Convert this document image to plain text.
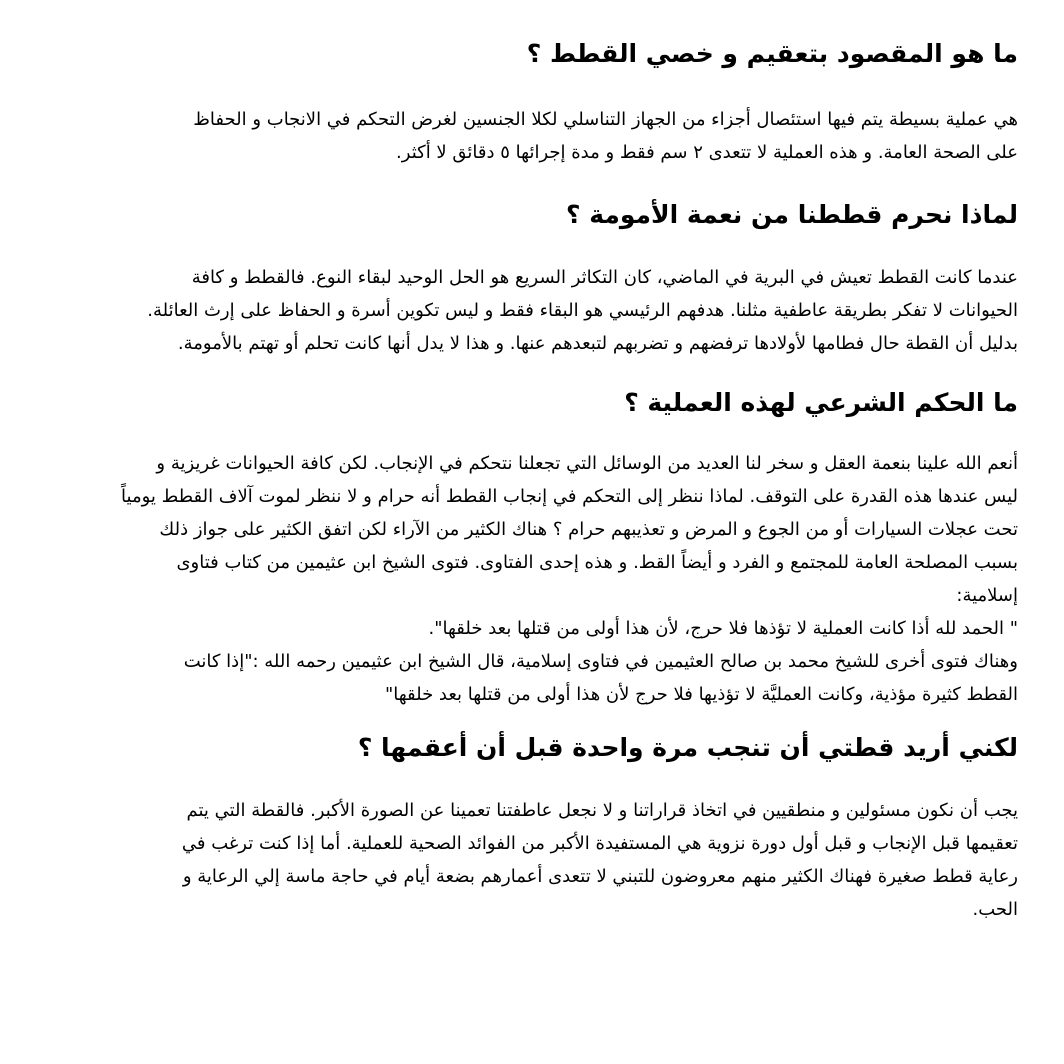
ما هو المقصود بتعقيم و خصي القطط ؟

هي عملية بسيطة يتم فيها استئصال أجزاء من الجهاز التناسلي لكلا الجنسين لغرض التحكم في الانجاب و الحفاظ
على الصحة العامة. و هذه العملية لا تتعدى ٢ سم فقط و مدة إجرائها ٥ دقائق لا أكثر.

لماذا نحرم قططنا من نعمة الأمومة ؟

عندما كانت القطط تعيش في البرية في الماضي، كان التكاثر السريع هو الحل الوحيد لبقاء النوع. فالقطط و كافة
الحيوانات لا تفكر بطريقة عاطفية مثلنا. هدفهم الرئيسي هو البقاء فقط و ليس تكوين أسرة و الحفاظ على إرث العائلة.
بدليل أن القطة حال فطامها لأولادها ترفضهم و تضربهم لتبعدهم عنها. و هذا لا يدل أنها كانت تحلم أو تهتم بالأمومة.

ما الحكم الشرعي لهذه العملية ؟

أنعم الله علينا بنعمة العقل و سخر لنا العديد من الوسائل التي تجعلنا نتحكم في الإنجاب. لكن كافة الحيوانات غريزية و
ليس عندها هذه القدرة على التوقف. لماذا ننظر إلى التحكم في إنجاب القطط أنه حرام و لا ننظر لموت آلاف القطط يومياً
تحت عجلات السيارات أو من الجوع و المرض و تعذيبهم حرام ؟ هناك الكثير من الآراء لكن اتفق الكثير على جواز ذلك
بسبب المصلحة العامة للمجتمع و الفرد و أيضاً القط. و هذه إحدى الفتاوى. فتوى الشيخ ابن عثيمين من كتاب فتاوى
إسلامية:
" الحمد لله أذا كانت العملية لا تؤذها فلا حرج، لأن هذا أولى من قتلها بعد خلقها".
وهناك فتوى أخرى للشيخ محمد بن صالح العثيمين في فتاوى إسلامية، قال الشيخ ابن عثيمين رحمه الله :"إذا كانت
القطط كثيرة مؤذية، وكانت العمليَّة لا تؤذيها فلا حرج لأن هذا أولى من قتلها بعد خلقها"

لكني أريد قطتي أن تنجب مرة واحدة قبل أن أعقمها ؟

يجب أن نكون مسئولين و منطقيين في اتخاذ قراراتنا و لا نجعل عاطفتنا تعمينا عن الصورة الأكبر. فالقطة التي يتم
تعقيمها قبل الإنجاب و قبل أول دورة نزوية هي المستفيدة الأكبر من الفوائد الصحية للعملية. أما إذا كنت ترغب في
رعاية قطط صغيرة فهناك الكثير منهم معروضون للتبني لا تتعدى أعمارهم بضعة أيام في حاجة ماسة إلي الرعاية و
الحب.
